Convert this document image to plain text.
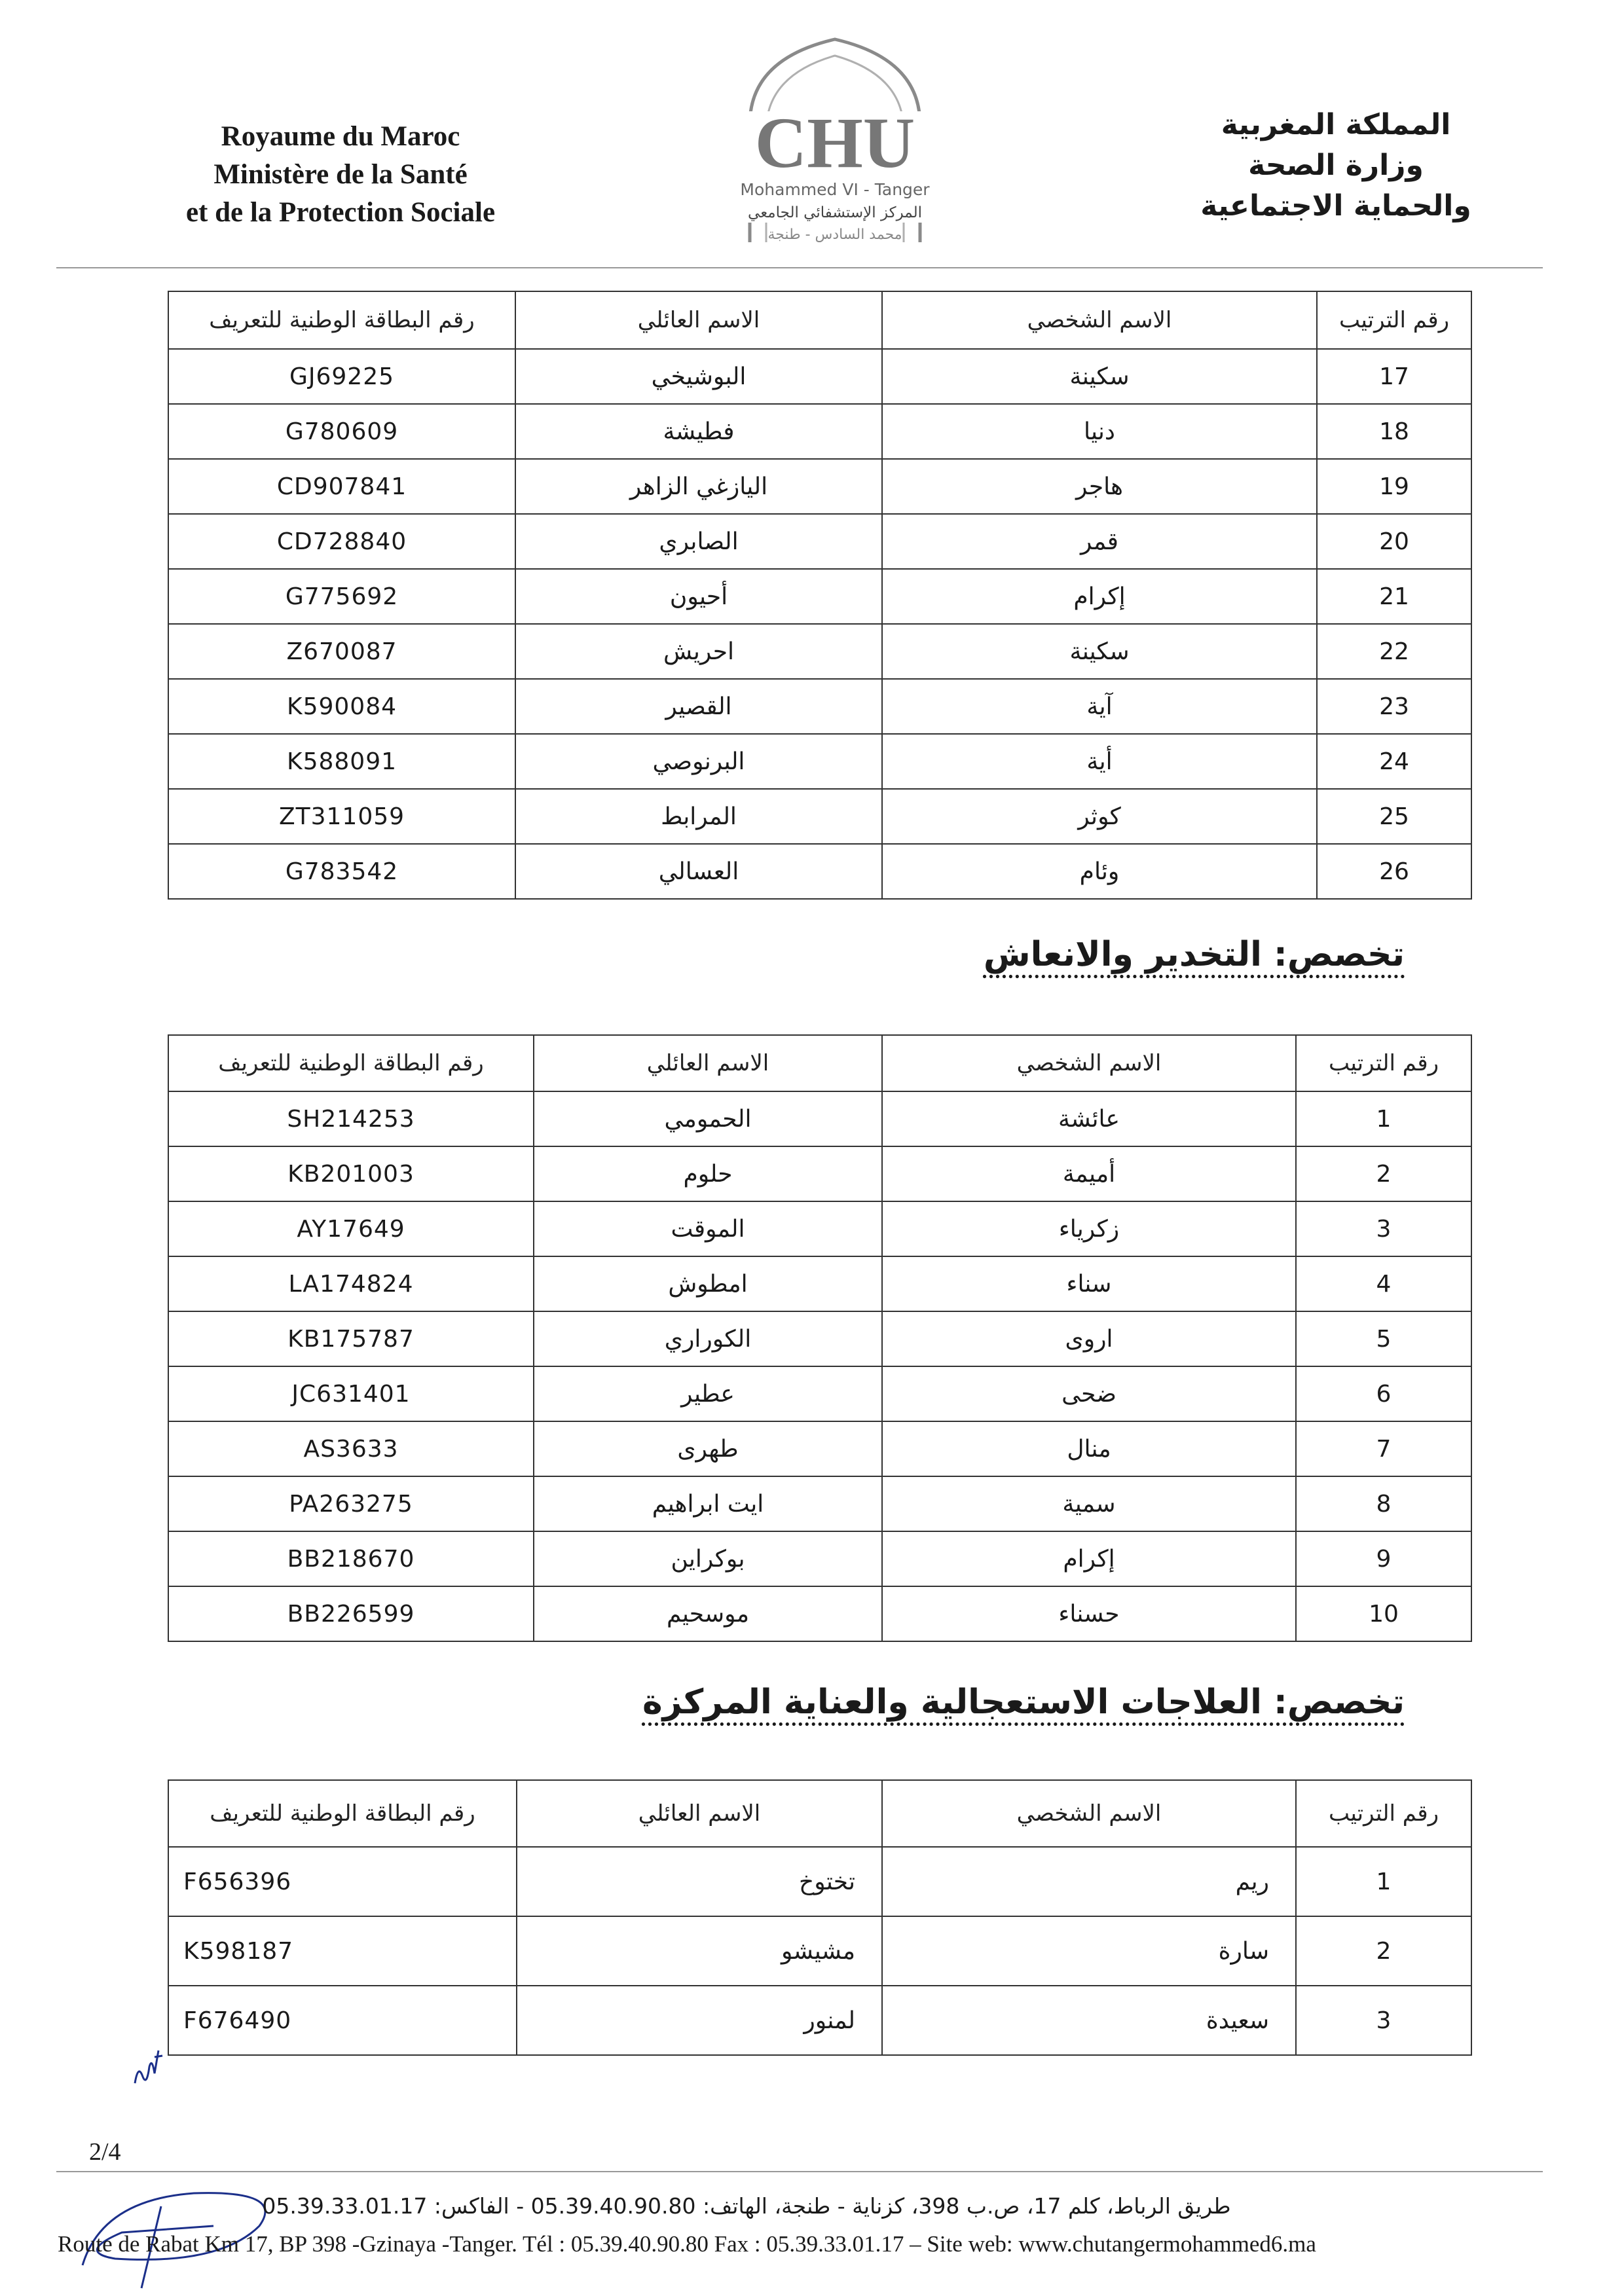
Royaume du Maroc
Ministère de la Santé
et de la Protection Sociale
CHU
Mohammed VI - Tanger
المركز الإستشفائي الجامعي
محمد السادس - طنجة
المملكة المغربية
وزارة الصحة
والحماية الاجتماعية
رقم الترتيب	الاسم الشخصي	الاسم العائلي	رقم البطاقة الوطنية للتعريف
17	سكينة	البوشيخي	GJ69225
18	دنيا	فطيشة	G780609
19	هاجر	اليازغي الزاهر	CD907841
20	قمر	الصابري	CD728840
21	إكرام	أحيون	G775692
22	سكينة	احريش	Z670087
23	آية	القصير	K590084
24	أية	البرنوصي	K588091
25	كوثر	المرابط	ZT311059
26	وئام	العسالي	G783542
تخصص: التخدير والانعاش
رقم الترتيب	الاسم الشخصي	الاسم العائلي	رقم البطاقة الوطنية للتعريف
1	عائشة	الحمومي	SH214253
2	أميمة	حلوم	KB201003
3	زكرياء	الموقت	AY17649
4	سناء	امطوش	LA174824
5	اروى	الكوراري	KB175787
6	ضحى	عطير	JC631401
7	منال	طهرى	AS3633
8	سمية	ايت ابراهيم	PA263275
9	إكرام	بوكراين	BB218670
10	حسناء	موسحيم	BB226599
تخصص: العلاجات الاستعجالية والعناية المركزة
رقم الترتيب	الاسم الشخصي	الاسم العائلي	رقم البطاقة الوطنية للتعريف
1	ريم	تختوخ	F656396
2	سارة	مشيشو	K598187
3	سعيدة	لمنور	F676490
2/4
طريق الرباط، كلم 17، ص.ب 398، كزناية - طنجة، الهاتف: 05.39.40.90.80 - الفاكس: 05.39.33.01.17
Route de Rabat Km 17, BP 398 -Gzinaya -Tanger. Tél : 05.39.40.90.80 Fax : 05.39.33.01.17 – Site web: www.chutangermohammed6.ma
